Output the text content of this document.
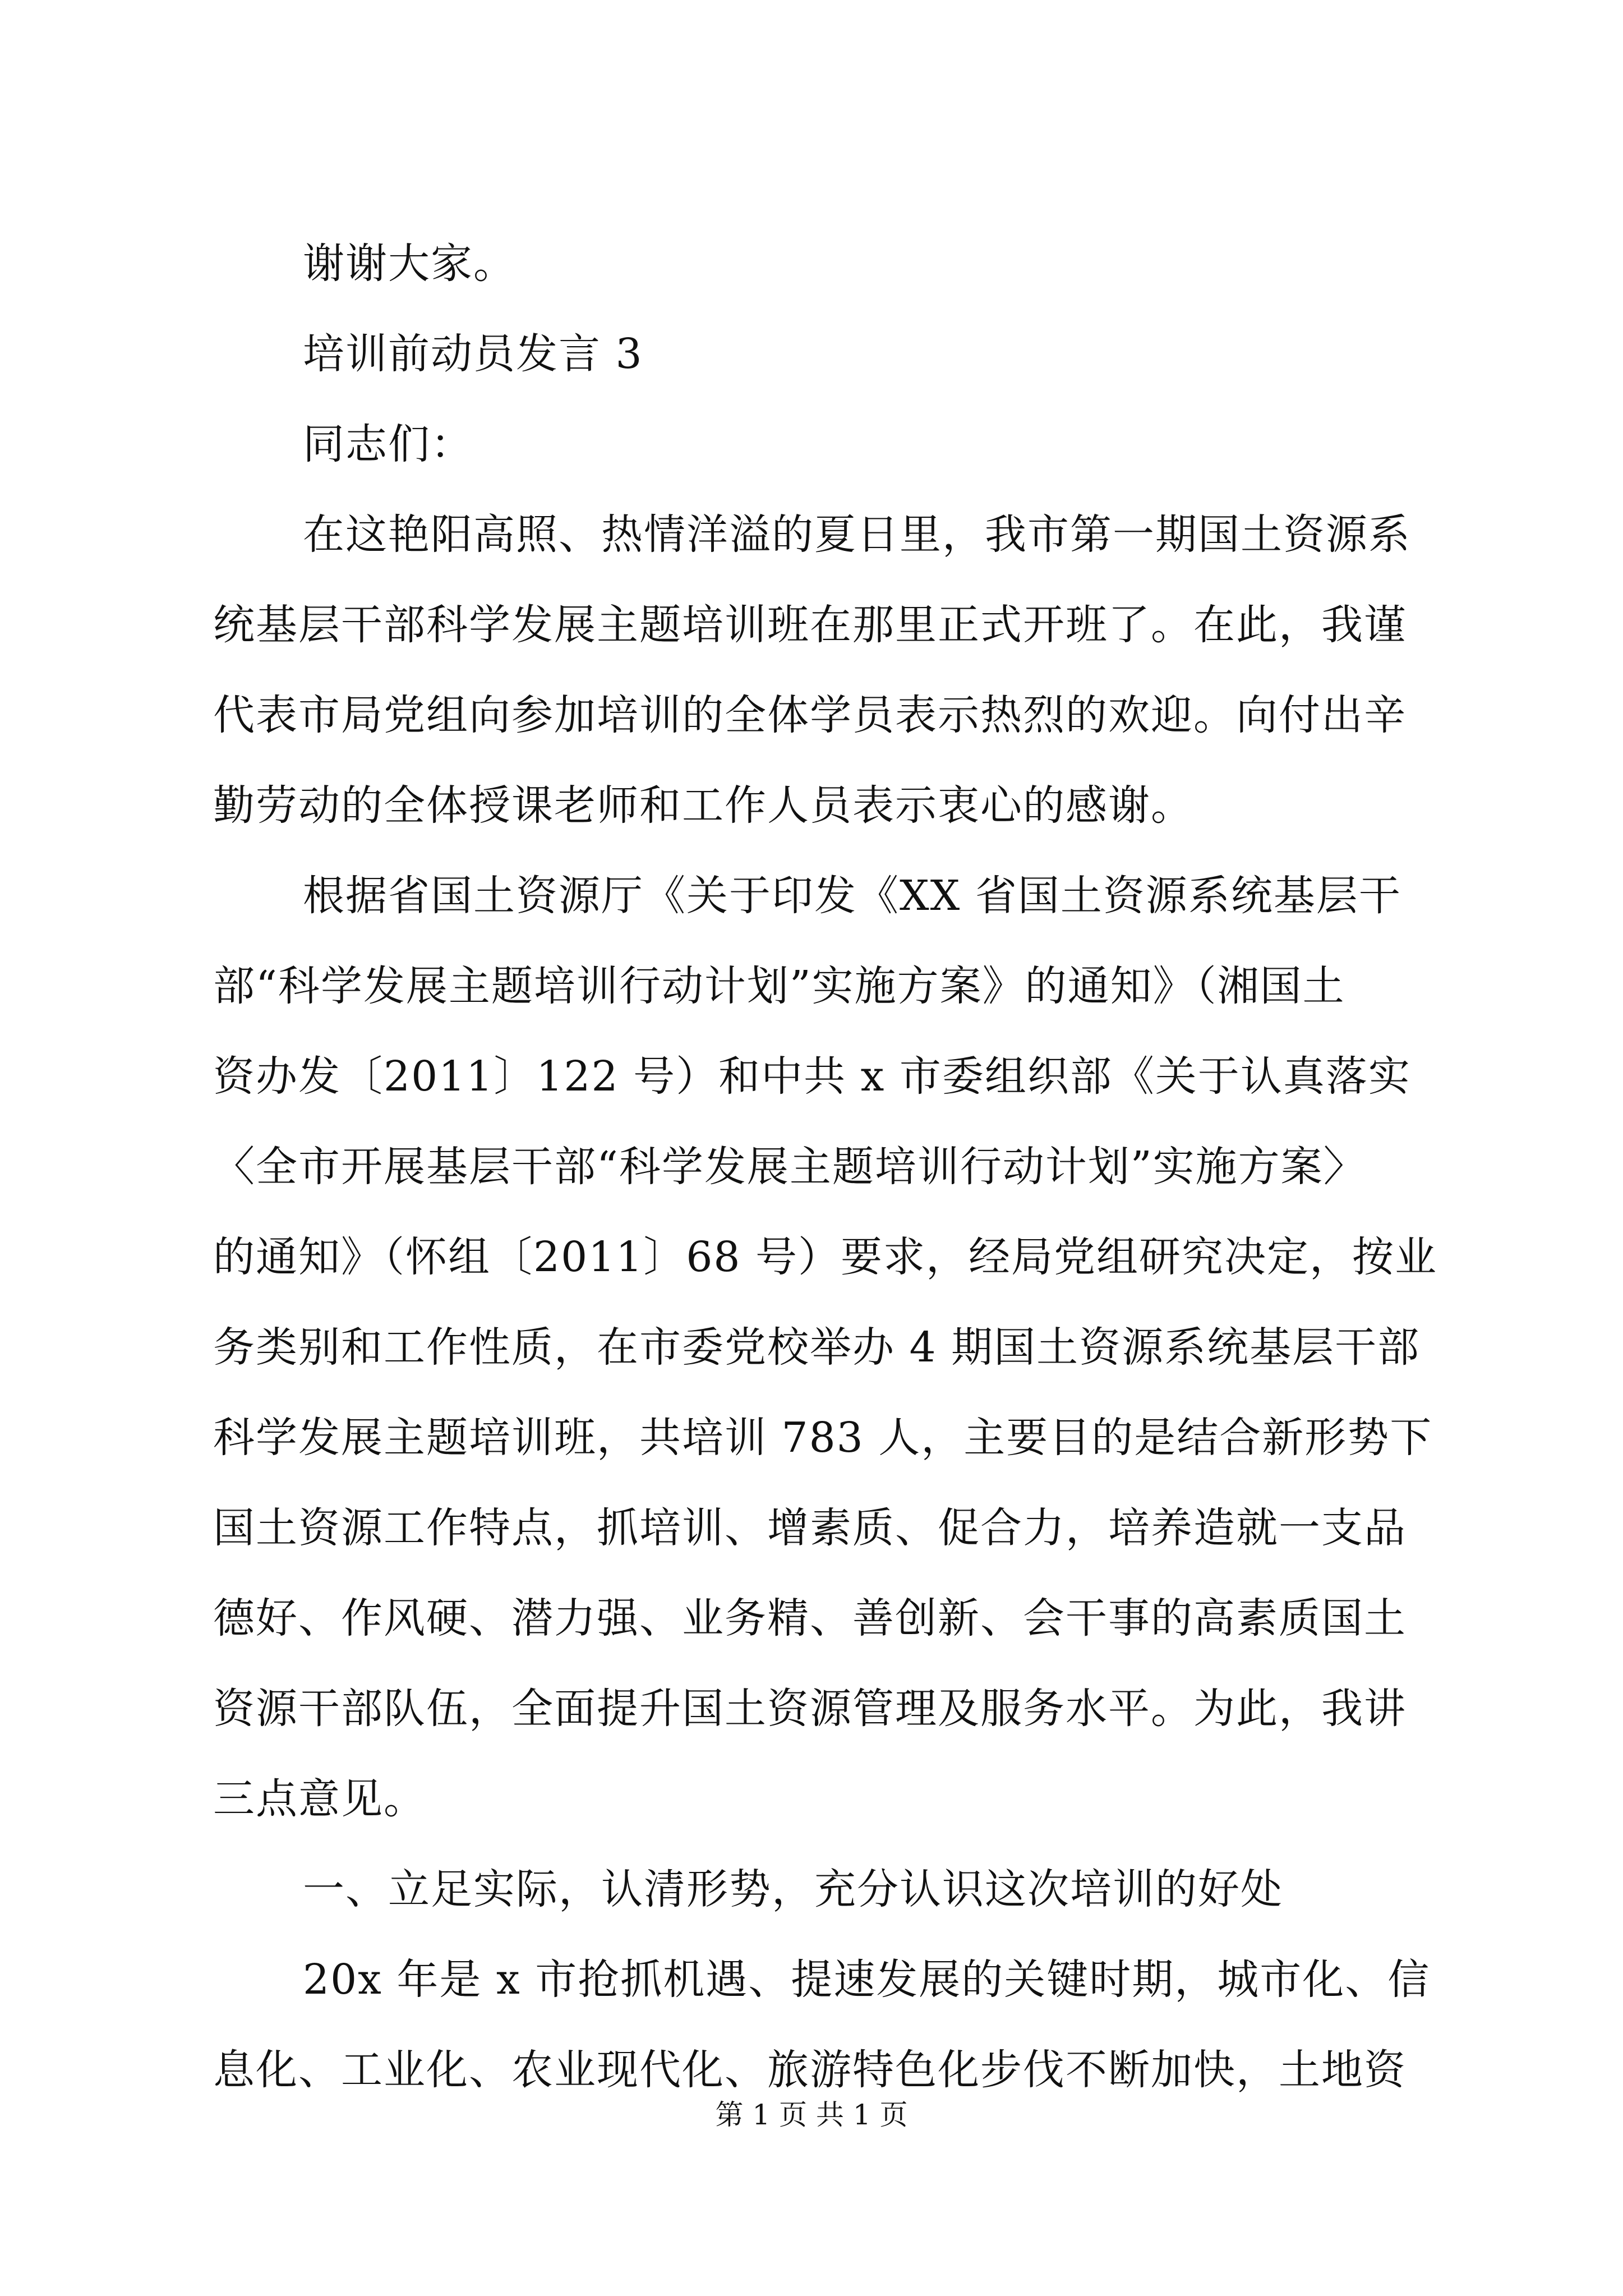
谢谢大家。
培训前动员发言 3
同志们：
在这艳阳高照、热情洋溢的夏日里，我市第一期国土资源系
统基层干部科学发展主题培训班在那里正式开班了。在此，我谨
代表市局党组向参加培训的全体学员表示热烈的欢迎。向付出辛
勤劳动的全体授课老师和工作人员表示衷心的感谢。
根据省国土资源厅《关于印发《XX 省国土资源系统基层干
部“科学发展主题培训行动计划”实施方案》的通知》（湘国土
资办发〔2011〕122 号）和中共 x 市委组织部《关于认真落实
〈全市开展基层干部“科学发展主题培训行动计划”实施方案〉
的通知》（怀组〔2011〕68 号）要求，经局党组研究决定，按业
务类别和工作性质，在市委党校举办 4 期国土资源系统基层干部
科学发展主题培训班，共培训 783 人，主要目的是结合新形势下
国土资源工作特点，抓培训、增素质、促合力，培养造就一支品
德好、作风硬、潜力强、业务精、善创新、会干事的高素质国土
资源干部队伍，全面提升国土资源管理及服务水平。为此，我讲
三点意见。
一、立足实际，认清形势，充分认识这次培训的好处
20x 年是 x 市抢抓机遇、提速发展的关键时期，城市化、信
息化、工业化、农业现代化、旅游特色化步伐不断加快，土地资
第 1 页 共 1 页
